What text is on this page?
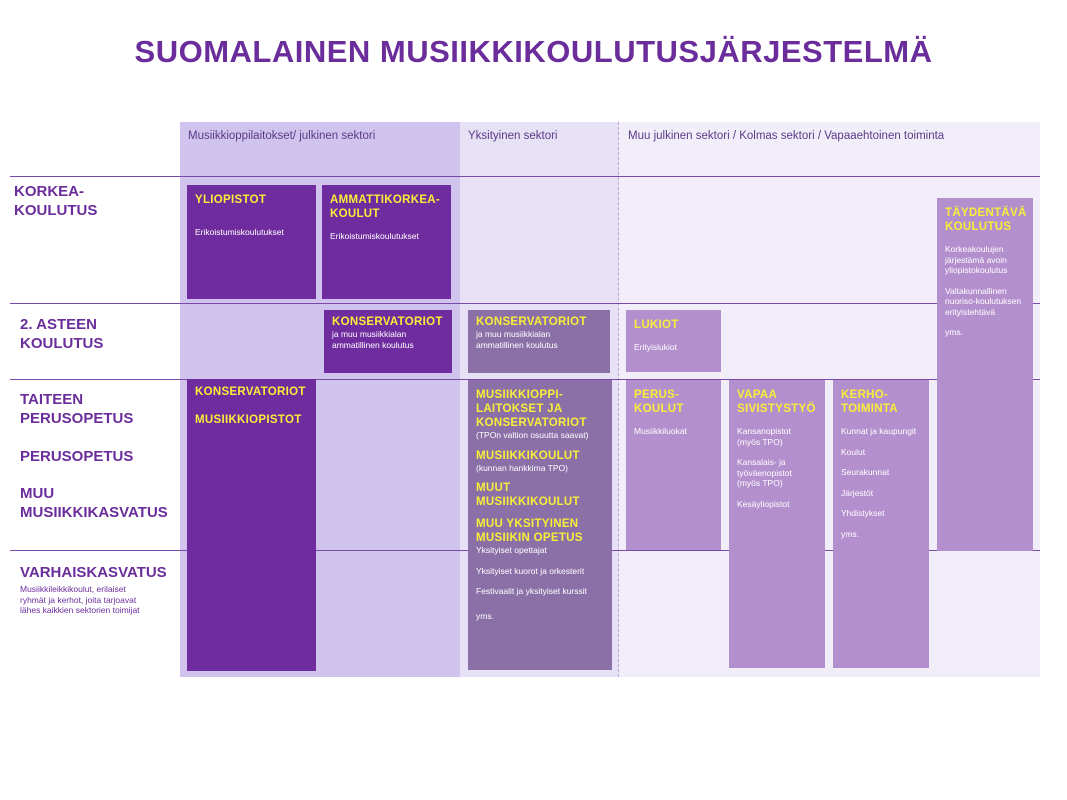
SUOMALAINEN MUSIIKKIKOULUTUSJÄRJESTELMÄ
Musiikkioppilaitokset/ julkinen sektori	Yksityinen sektori	Muu julkinen sektori / Kolmas sektori / Vapaaehtoinen toiminta
KORKEA-
KOULUTUS
2. ASTEEN
KOULUTUS
TAITEEN
PERUSOPETUS
PERUSOPETUS
MUU
MUSIIKKIKASVATUS
VARHAISKASVATUS
Musiikkileikkikoulut, erilaiset
ryhmät ja kerhot, joita tarjoavat
lähes kaikkien sektorien toimijat
YLIOPISTOT
Erikoistumiskoulutukset
AMMATTIKORKEA-
KOULUT
Erikoistumiskoulutukset
KONSERVATORIOT
ja muu musiikkialan
ammatillinen koulutus
KONSERVATORIOT
ja muu musiikkialan
ammatillinen koulutus
LUKIOT
Erityislukiot
KONSERVATORIOT
MUSIIKKIOPISTOT
MUSIIKKIOPPI-
LAITOKSET JA
KONSERVATORIOT
(TPOn valtion osuutta saavat)
MUSIIKKIKOULUT
(kunnan hankkima TPO)
MUUT
MUSIIKKIKOULUT
MUU YKSITYINEN
MUSIIKIN OPETUS
Yksityiset opettajat
Yksityiset kuorot ja orkesterit
Festivaalit ja yksityiset kurssit
yms.
PERUS-
KOULUT
Musiikkiluokat
VAPAA
SIVISTYSTYÖ
Kansanopistot
(myös TPO)
Kansalais- ja
työväenopistot
(myös TPO)
Kesäyliopistot
KERHO-
TOIMINTA
Kunnat ja kaupungit
Koulut
Seurakunnat
Järjestöt
Yhdistykset
yms.
TÄYDENTÄVÄ
KOULUTUS
Korkeakoulujen
järjestämä avoin
yliopistokoulutus
Valtakunnallinen
nuoriso-koulutuksen
erityistehtävä
yms.
